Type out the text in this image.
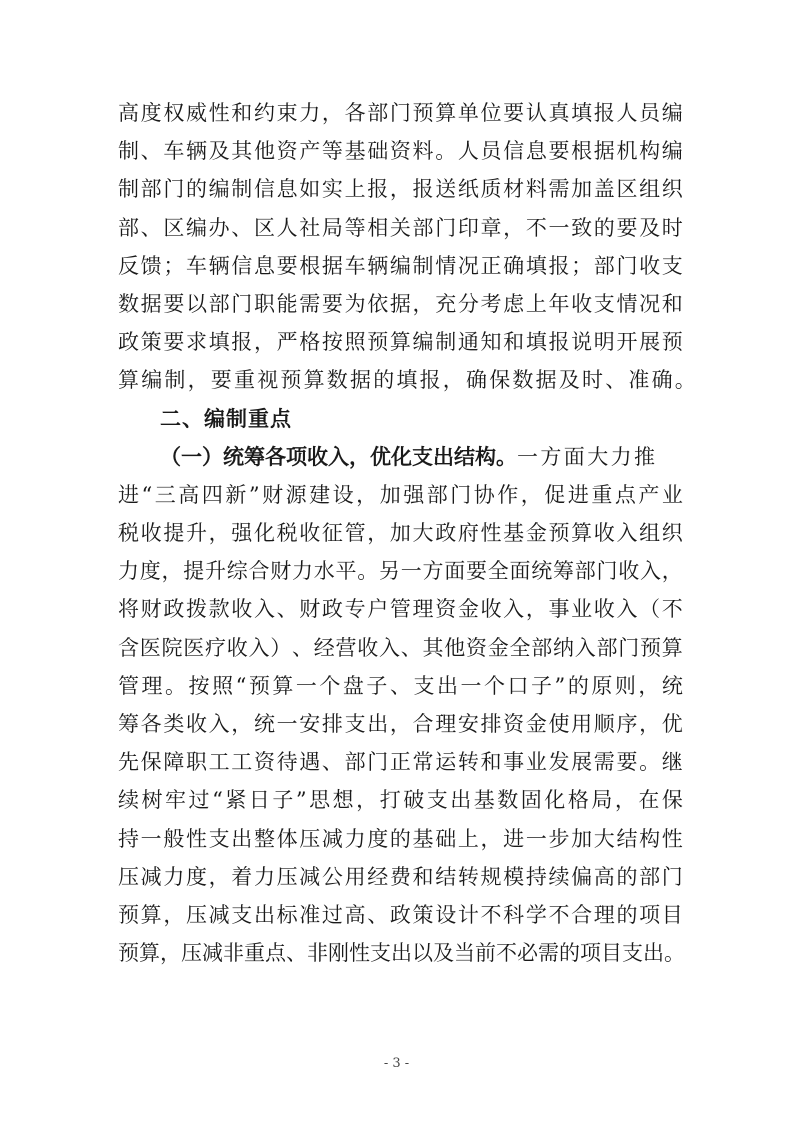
高 度 权 威 性 和 约 束 力 ， 各 部 门 预 算 单 位 要 认 真 填 报 人 员 编
制 、 车 辆 及 其 他 资 产 等 基 础 资 料 。 人 员 信 息 要 根 据 机 构 编
制 部 门 的 编 制 信 息 如 实 上 报 ， 报 送 纸 质 材 料 需 加 盖 区 组 织
部 、 区 编 办 、 区 人 社 局 等 相 关 部 门 印 章 ， 不 一 致 的 要 及 时
反 馈 ； 车 辆 信 息 要 根 据 车 辆 编 制 情 况 正 确 填 报 ； 部 门 收 支
数 据 要 以 部 门 职 能 需 要 为 依 据 ， 充 分 考 虑 上 年 收 支 情 况 和
政 策 要 求 填 报 ， 严 格 按 照 预 算 编 制 通 知 和 填 报 说 明 开 展 预
算编制，要重视预算数据的填报，确保数据及时、准确。
二、编制重点
（一）统筹各项收入，优化支出结构。 一方面大力推
进 “ 三 高 四 新 ” 财 源 建 设 ， 加 强 部 门 协 作 ， 促 进 重 点 产 业
税 收 提 升 ， 强 化 税 收 征 管 ， 加 大 政 府 性 基 金 预 算 收 入 组 织
力 度 ， 提 升 综 合 财 力 水 平 。 另 一 方 面 要 全 面 统 筹 部 门 收 入 ，
将 财 政 拨 款 收 入 、 财 政 专 户 管 理 资 金 收 入 ， 事 业 收 入 （ 不
含 医 院 医 疗 收 入 ） 、 经 营 收 入 、 其 他 资 金 全 部 纳 入 部 门 预 算
管 理 。 按 照 “ 预 算 一 个 盘 子 、 支 出 一 个 口 子 ” 的 原 则 ， 统
筹 各 类 收 入 ， 统 一 安 排 支 出 ， 合 理 安 排 资 金 使 用 顺 序 ， 优
先 保 障 职 工 工 资 待 遇 、 部 门 正 常 运 转 和 事 业 发 展 需 要 。 继
续 树 牢 过 “ 紧 日 子 ” 思 想 ， 打 破 支 出 基 数 固 化 格 局 ， 在 保
持 一 般 性 支 出 整 体 压 减 力 度 的 基 础 上 ， 进 一 步 加 大 结 构 性
压 减 力 度 ， 着 力 压 减 公 用 经 费 和 结 转 规 模 持 续 偏 高 的 部 门
预 算 ， 压 减 支 出 标 准 过 高 、 政 策 设 计 不 科 学 不 合 理 的 项 目
预 算 ， 压 减 非 重 点 、 非 刚 性 支 出 以 及 当 前 不 必 需 的 项 目 支 出 。
- 3 -
